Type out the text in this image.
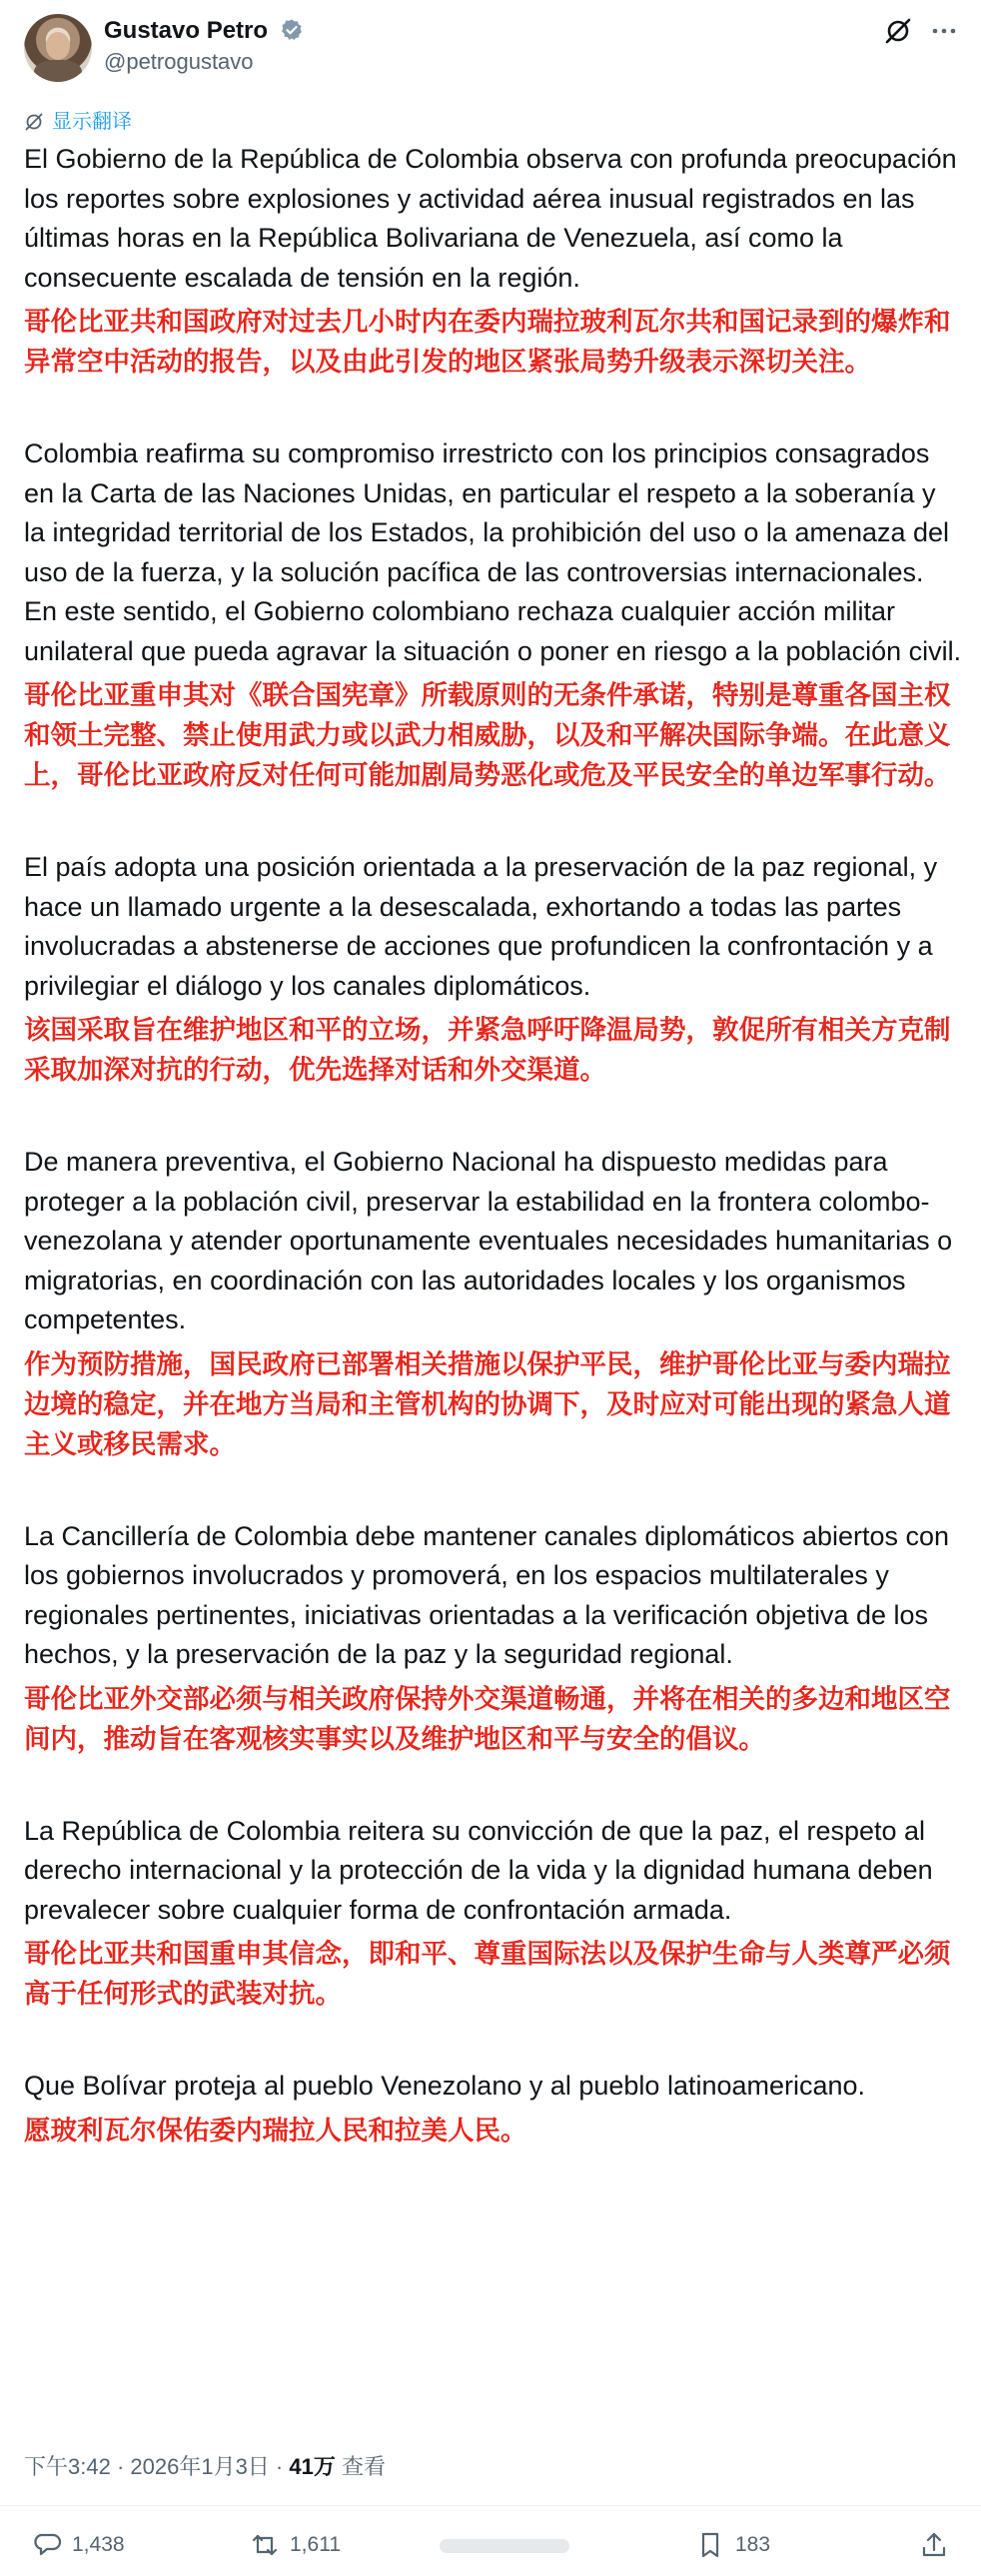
Gustavo Petro
@petrogustavo
显示翻译
El Gobierno de la República de Colombia observa con profunda preocupación los reportes sobre explosiones y actividad aérea inusual registrados en las últimas horas en la República Bolivariana de Venezuela, así como la consecuente escalada de tensión en la región.
哥伦比亚共和国政府对过去几小时内在委内瑞拉玻利瓦尔共和国记录到的爆炸和异常空中活动的报告，以及由此引发的地区紧张局势升级表示深切关注。
Colombia reafirma su compromiso irrestricto con los principios consagrados en la Carta de las Naciones Unidas, en particular el respeto a la soberanía y la integridad territorial de los Estados, la prohibición del uso o la amenaza del uso de la fuerza, y la solución pacífica de las controversias internacionales. En este sentido, el Gobierno colombiano rechaza cualquier acción militar unilateral que pueda agravar la situación o poner en riesgo a la población civil.
哥伦比亚重申其对《联合国宪章》所载原则的无条件承诺，特别是尊重各国主权和领土完整、禁止使用武力或以武力相威胁，以及和平解决国际争端。在此意义上，哥伦比亚政府反对任何可能加剧局势恶化或危及平民安全的单边军事行动。
El país adopta una posición orientada a la preservación de la paz regional, y hace un llamado urgente a la desescalada, exhortando a todas las partes involucradas a abstenerse de acciones que profundicen la confrontación y a privilegiar el diálogo y los canales diplomáticos.
该国采取旨在维护地区和平的立场，并紧急呼吁降温局势，敦促所有相关方克制采取加深对抗的行动，优先选择对话和外交渠道。
De manera preventiva, el Gobierno Nacional ha dispuesto medidas para proteger a la población civil, preservar la estabilidad en la frontera colombo-venezolana y atender oportunamente eventuales necesidades humanitarias o migratorias, en coordinación con las autoridades locales y los organismos competentes.
作为预防措施，国民政府已部署相关措施以保护平民，维护哥伦比亚与委内瑞拉边境的稳定，并在地方当局和主管机构的协调下，及时应对可能出现的紧急人道主义或移民需求。
La Cancillería de Colombia debe mantener canales diplomáticos abiertos con los gobiernos involucrados y promoverá, en los espacios multilaterales y regionales pertinentes, iniciativas orientadas a la verificación objetiva de los hechos, y la preservación de la paz y la seguridad regional.
哥伦比亚外交部必须与相关政府保持外交渠道畅通，并将在相关的多边和地区空间内，推动旨在客观核实事实以及维护地区和平与安全的倡议。
La República de Colombia reitera su convicción de que la paz, el respeto al derecho internacional y la protección de la vida y la dignidad humana deben prevalecer sobre cualquier forma de confrontación armada.
哥伦比亚共和国重申其信念，即和平、尊重国际法以及保护生命与人类尊严必须高于任何形式的武装对抗。
Que Bolívar proteja al pueblo Venezolano y al pueblo latinoamericano.
愿玻利瓦尔保佑委内瑞拉人民和拉美人民。
下午3:42 · 2026年1月3日 · 41万 查看
1,438	1,611	183
